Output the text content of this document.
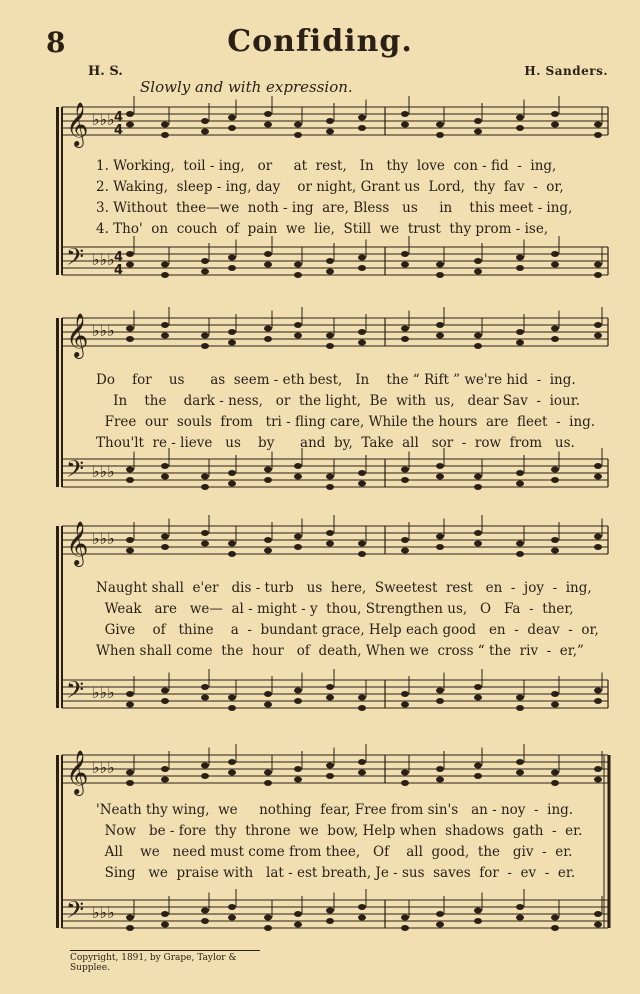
8	Confiding.
H. S.	H. Sanders.
Slowly and with expression.
𝄞 ♭♭♭ 4
4
𝄢 ♭♭♭ 4
4
𝄞 ♭♭♭
𝄢 ♭♭♭
𝄞 ♭♭♭
𝄢 ♭♭♭
𝄞 ♭♭♭
𝄢 ♭♭♭
1. Working,  toil - ing,   or     at  rest,   In   thy  love  con - fid  -  ing,
2. Waking,  sleep - ing, day    or night, Grant us  Lord,  thy  fav  -  or,
3. Without  thee—we  noth - ing  are, Bless   us     in    this meet - ing,
4. Tho'  on  couch  of  pain  we  lie,  Still  we  trust  thy prom - ise,
Do    for    us      as  seem - eth best,   In    the “ Rift ” we're hid  -  ing.
In    the    dark - ness,   or  the light,  Be  with  us,   dear Sav  -  iour.
Free  our  souls  from   tri - fling care, While the hours  are  fleet  -  ing.
Thou'lt  re - lieve   us    by      and  by,  Take  all   sor  -  row  from   us.
Naught shall  e'er   dis - turb   us  here,  Sweetest  rest   en  -  joy  -  ing,
Weak   are   we—  al - might - y  thou, Strengthen us,   O   Fa  -  ther,
Give    of   thine    a  -  bundant grace, Help each good   en  -  deav  -  or,
When shall come  the  hour   of  death, When we  cross “ the  riv  -  er,”
'Neath thy wing,  we     nothing  fear, Free from sin's   an - noy  -  ing.
Now   be - fore  thy  throne  we  bow, Help when  shadows  gath  -  er.
All    we   need must come from thee,   Of    all  good,  the   giv  -  er.
Sing   we  praise with   lat - est breath, Je - sus  saves  for  -  ev  -  er.
Copyright, 1891, by Grape, Taylor & Supplee.
